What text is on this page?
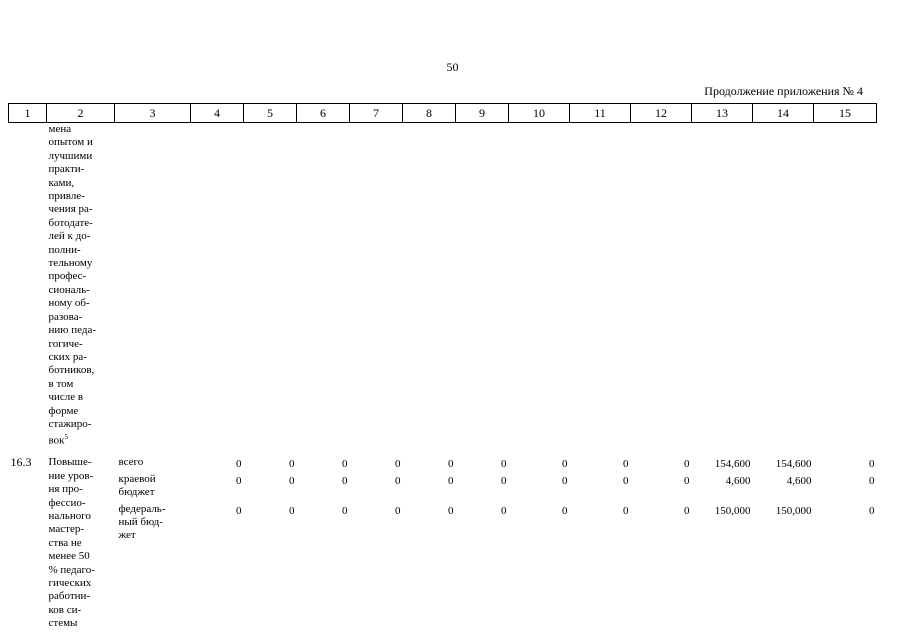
50
Продолжение приложения № 4
1	2	3	4	5	6	7	8	9	10	11	12	13	14	15
	мена
опытом и
лучшими
практи-
ками,
привле-
чения ра-
ботодате-
лей к до-
полни-
тельному
профес-
сиональ-
ному об-
разова-
нию педа-
гогиче-
ских ра-
ботников,
в том
числе в
форме
стажиро-
вок$^5$	

16.3	Повыше-
ние уров-
ня про-
фессио-
нального
мастер-
ства не
менее 50
% педаго-
гических
работни-
ков си-
стемы	
всего	0	0	0	0	0	0	0	0	0	154,600	154,600	0
краевой
бюджет	0	0	0	0	0	0	0	0	0	4,600	4,600	0
федераль-
ный бюд-
жет	0	0	0	0	0	0	0	0	0	150,000	150,000	0
